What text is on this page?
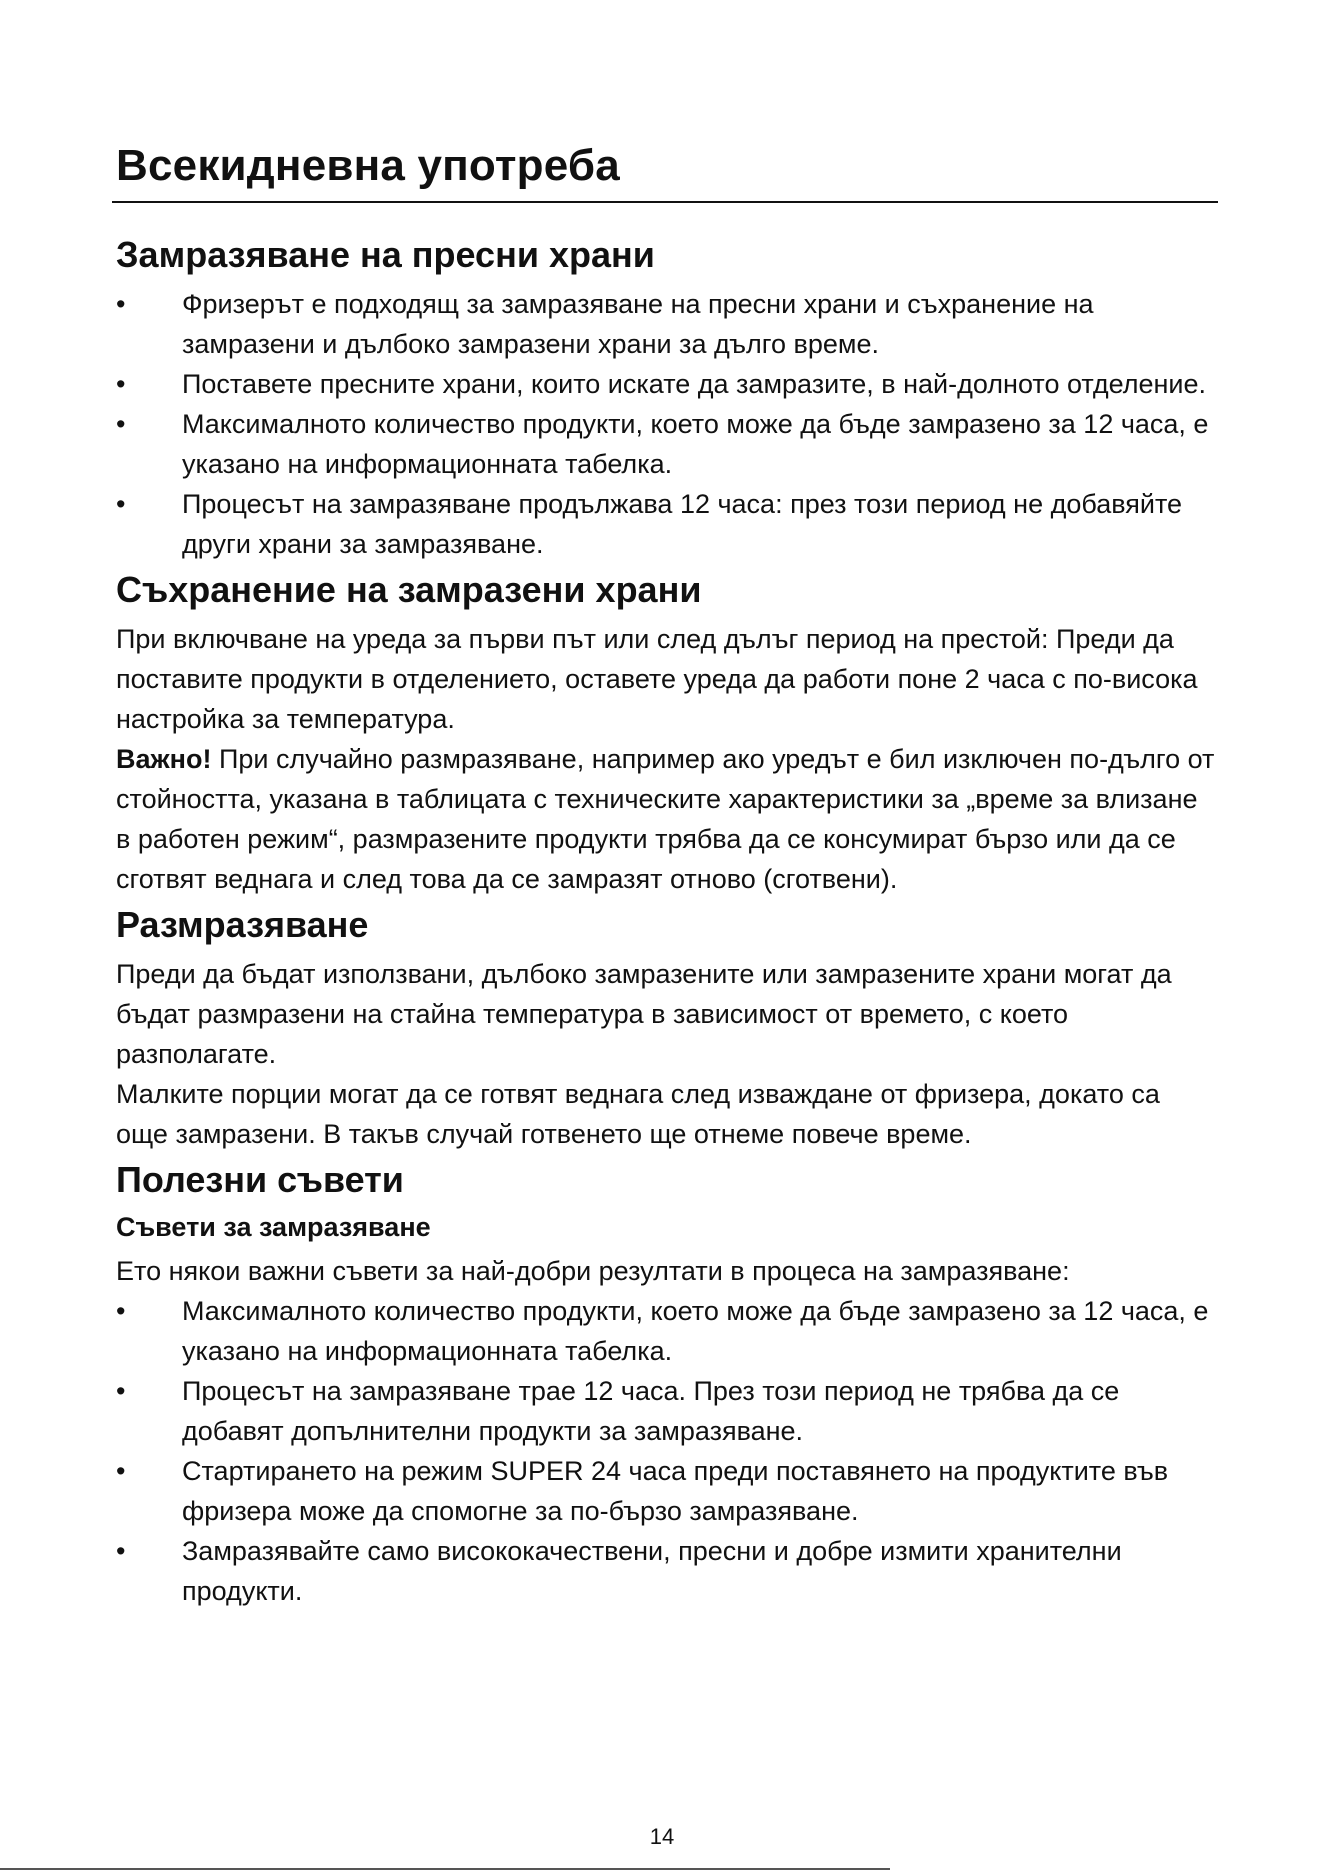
Всекидневна употреба
Замразяване на пресни храни
• Фризерът е подходящ за замразяване на пресни храни и съхранение на замразени и дълбоко замразени храни за дълго време.
• Поставете пресните храни, които искате да замразите, в най-долното отделение.
• Максималното количество продукти, което може да бъде замразено за 12 часа, е указано на информационната табелка.
• Процесът на замразяване продължава 12 часа: през този период не добавяйте други храни за замразяване.
Съхранение на замразени храни

При включване на уреда за първи път или след дълъг период на престой: Преди да поставите продукти в отделението, оставете уреда да работи поне 2 часа с по-висока настройка за температура.

Важно! При случайно размразяване, например ако уредът е бил изключен по-дълго от стойността, указана в таблицата с техническите характеристики за „време за влизане в работен режим“, размразените продукти трябва да се консумират бързо или да се сготвят веднага и след това да се замразят отново (сготвени).

Размразяване

Преди да бъдат използвани, дълбоко замразените или замразените храни могат да бъдат размразени на стайна температура в зависимост от времето, с което разполагате.

Малките порции могат да се готвят веднага след изваждане от фризера, докато са още замразени. В такъв случай готвенето ще отнеме повече време.

Полезни съвети
Съвети за замразяване

Ето някои важни съвети за най-добри резултати в процеса на замразяване:

• Максималното количество продукти, което може да бъде замразено за 12 часа, е указано на информационната табелка.
• Процесът на замразяване трае 12 часа. През този период не трябва да се добавят допълнителни продукти за замразяване.
• Стартирането на режим SUPER 24 часа преди поставянето на продуктите във фризера може да спомогне за по-бързо замразяване.
• Замразявайте само висококачествени, пресни и добре измити хранителни продукти.
14
